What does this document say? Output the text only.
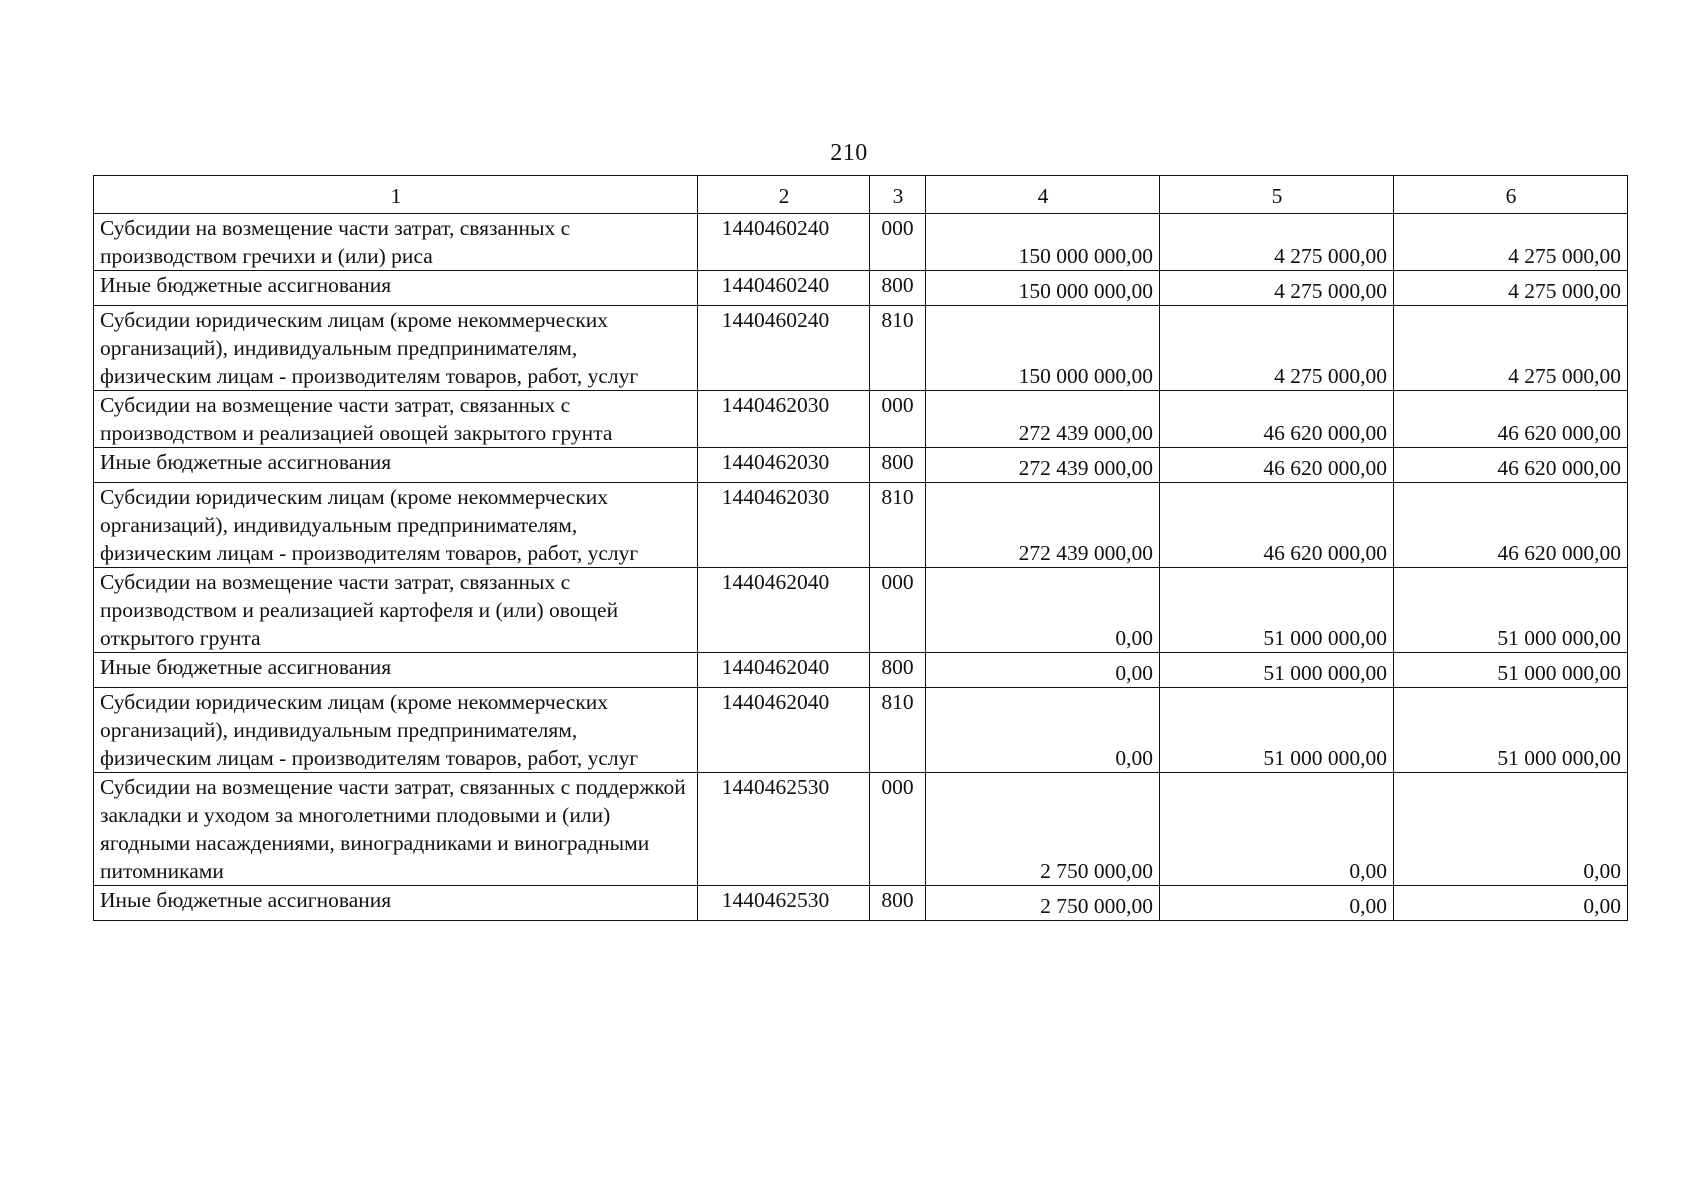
210
1	2	3	4	5	6
Субсидии на возмещение части затрат, связанных с производством гречихи и (или) риса	1440460240	000	150 000 000,00	4 275 000,00	4 275 000,00
Иные бюджетные ассигнования	1440460240	800	150 000 000,00	4 275 000,00	4 275 000,00
Субсидии юридическим лицам (кроме некоммерческих организаций), индивидуальным предпринимателям, физическим лицам - производителям товаров, работ, услуг	1440460240	810	150 000 000,00	4 275 000,00	4 275 000,00
Субсидии на возмещение части затрат, связанных с производством и реализацией овощей закрытого грунта	1440462030	000	272 439 000,00	46 620 000,00	46 620 000,00
Иные бюджетные ассигнования	1440462030	800	272 439 000,00	46 620 000,00	46 620 000,00
Субсидии юридическим лицам (кроме некоммерческих организаций), индивидуальным предпринимателям, физическим лицам - производителям товаров, работ, услуг	1440462030	810	272 439 000,00	46 620 000,00	46 620 000,00
Субсидии на возмещение части затрат, связанных с производством и реализацией картофеля и (или) овощей открытого грунта	1440462040	000	0,00	51 000 000,00	51 000 000,00
Иные бюджетные ассигнования	1440462040	800	0,00	51 000 000,00	51 000 000,00
Субсидии юридическим лицам (кроме некоммерческих организаций), индивидуальным предпринимателям, физическим лицам - производителям товаров, работ, услуг	1440462040	810	0,00	51 000 000,00	51 000 000,00
Субсидии на возмещение части затрат, связанных с поддержкой закладки и уходом за многолетними плодовыми и (или) ягодными насаждениями, виноградниками и виноградными питомниками	1440462530	000	2 750 000,00	0,00	0,00
Иные бюджетные ассигнования	1440462530	800	2 750 000,00	0,00	0,00
